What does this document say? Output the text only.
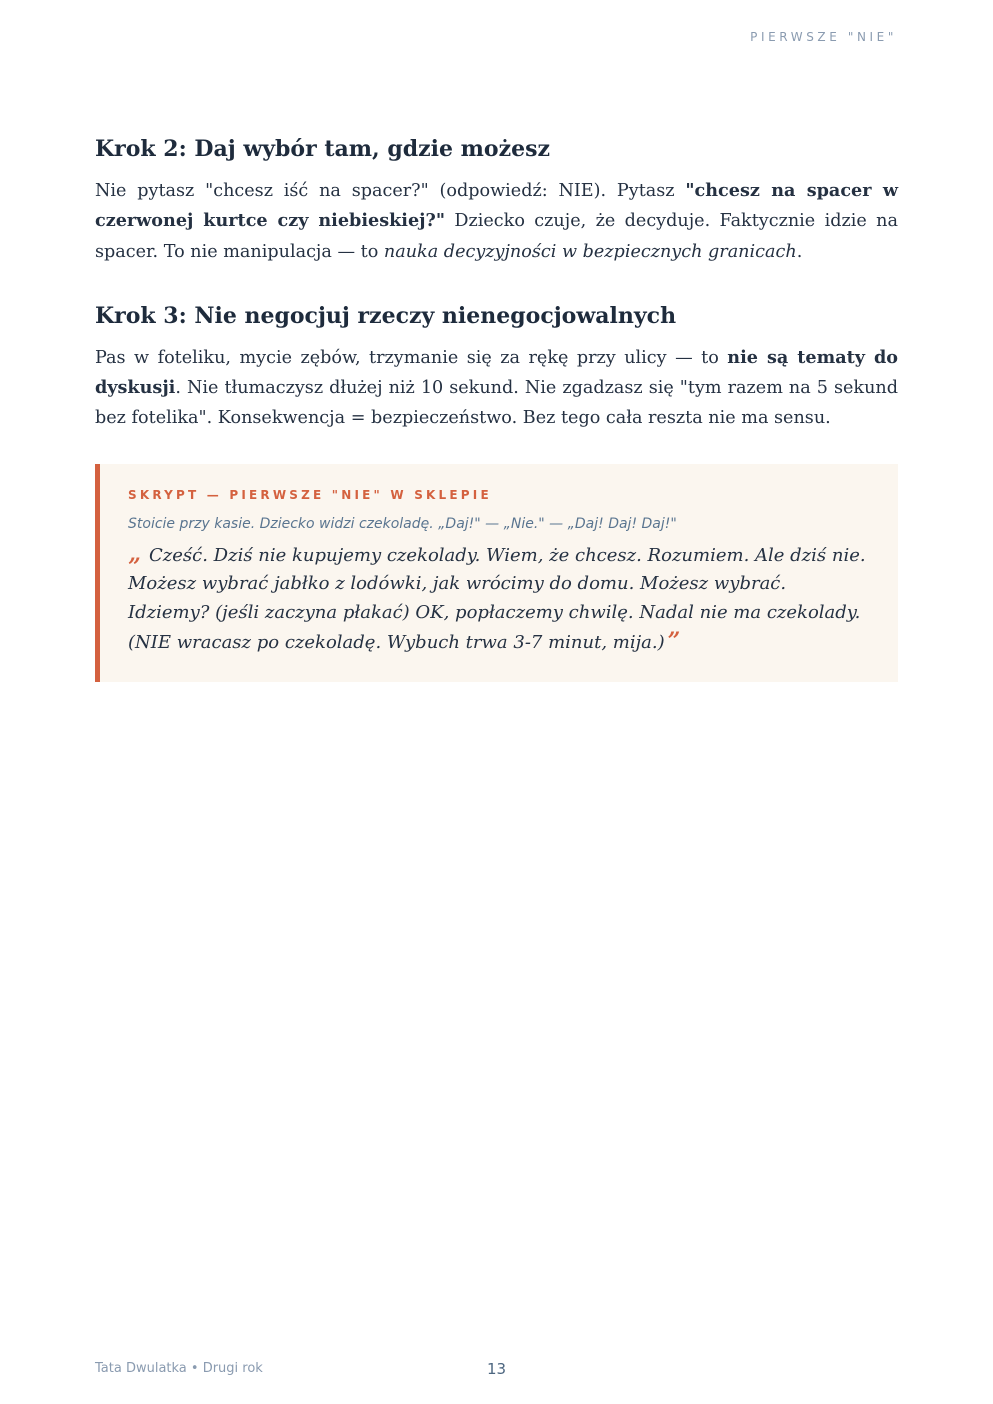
PIERWSZE "NIE"
Krok 2: Daj wybór tam, gdzie możesz

Nie pytasz "chcesz iść na spacer?" (odpowiedź: NIE). Pytasz "chcesz na spacer w czerwonej kurtce czy niebieskiej?" Dziecko czuje, że decyduje. Faktycznie idzie na spacer. To nie manipulacja — to nauka decyzyjności w bezpiecznych granicach.

Krok 3: Nie negocjuj rzeczy nienegocjowalnych

Pas w foteliku, mycie zębów, trzymanie się za rękę przy ulicy — to nie są tematy do dyskusji. Nie tłumaczysz dłużej niż 10 sekund. Nie zgadzasz się "tym razem na 5 sekund bez fotelika". Konsekwencja = bezpieczeństwo. Bez tego cała reszta nie ma sensu.

SKRYPT — PIERWSZE "NIE" W SKLEPIE
Stoicie przy kasie. Dziecko widzi czekoladę. „Daj!" — „Nie." — „Daj! Daj! Daj!"

” Cześć. Dziś nie kupujemy czekolady. Wiem, że chcesz. Rozumiem. Ale dziś nie. Możesz wybrać jabłko z lodówki, jak wrócimy do domu. Możesz wybrać. Idziemy? (jeśli zaczyna płakać) OK, popłaczemy chwilę. Nadal nie ma czekolady. (NIE wracasz po czekoladę. Wybuch trwa 3-7 minut, mija.) ”

Tata Dwulatka • Drugi rok	13
